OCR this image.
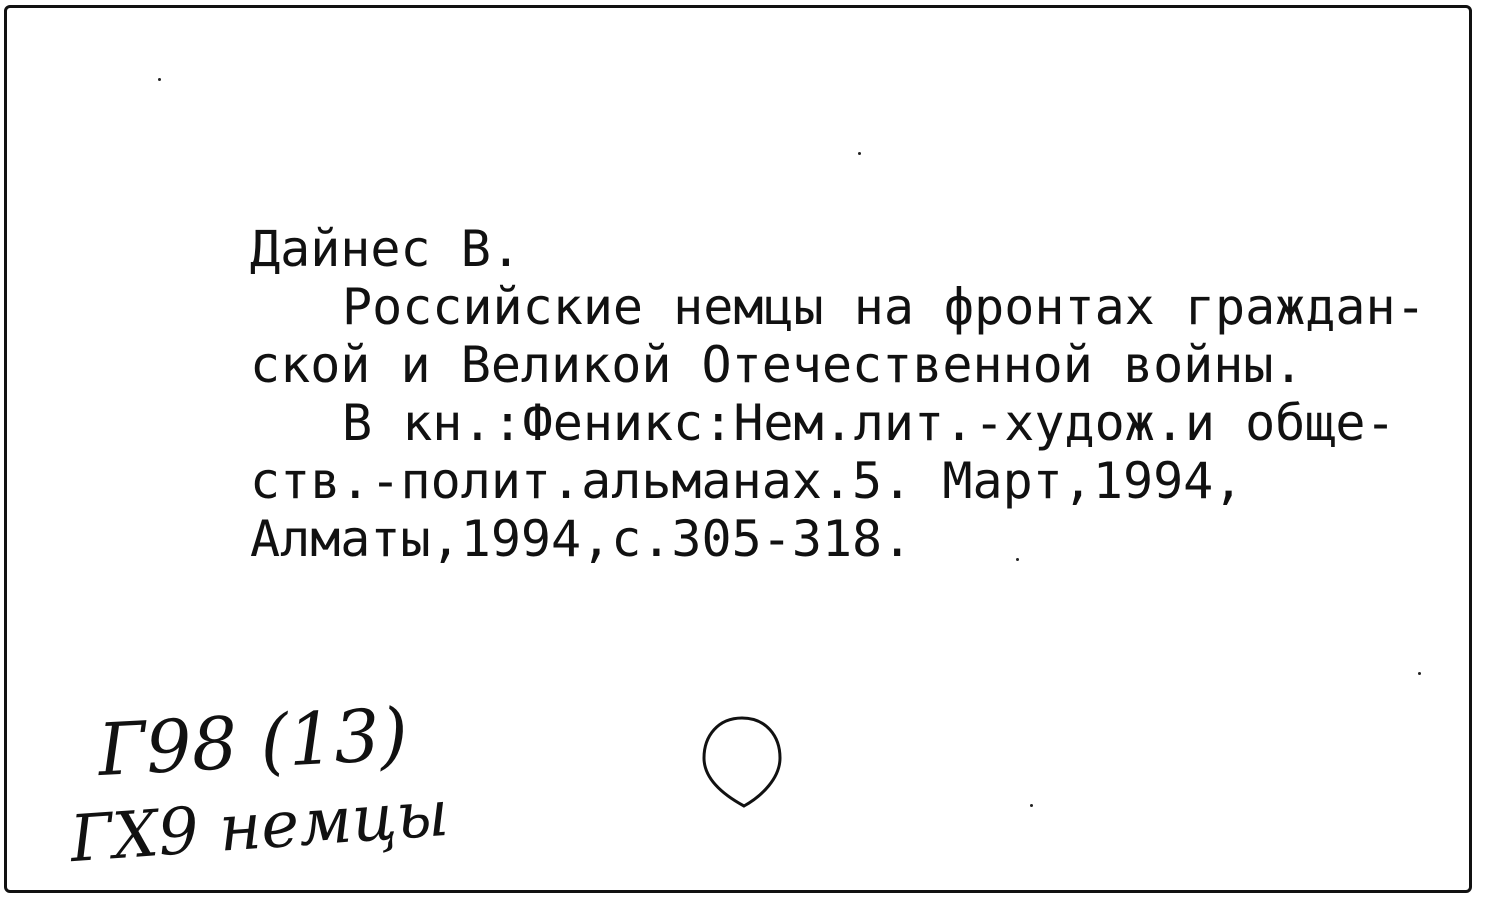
Дайнес В.
Российские немцы на фронтах граждан-
ской и Великой Отечественной войны.
В кн.:Феникс:Нем.лит.-худож.и обще-
ств.-полит.альманах.5. Март,1994,
Алматы,1994,с.305-318.
Г98 (13)
ГХ9 немцы
